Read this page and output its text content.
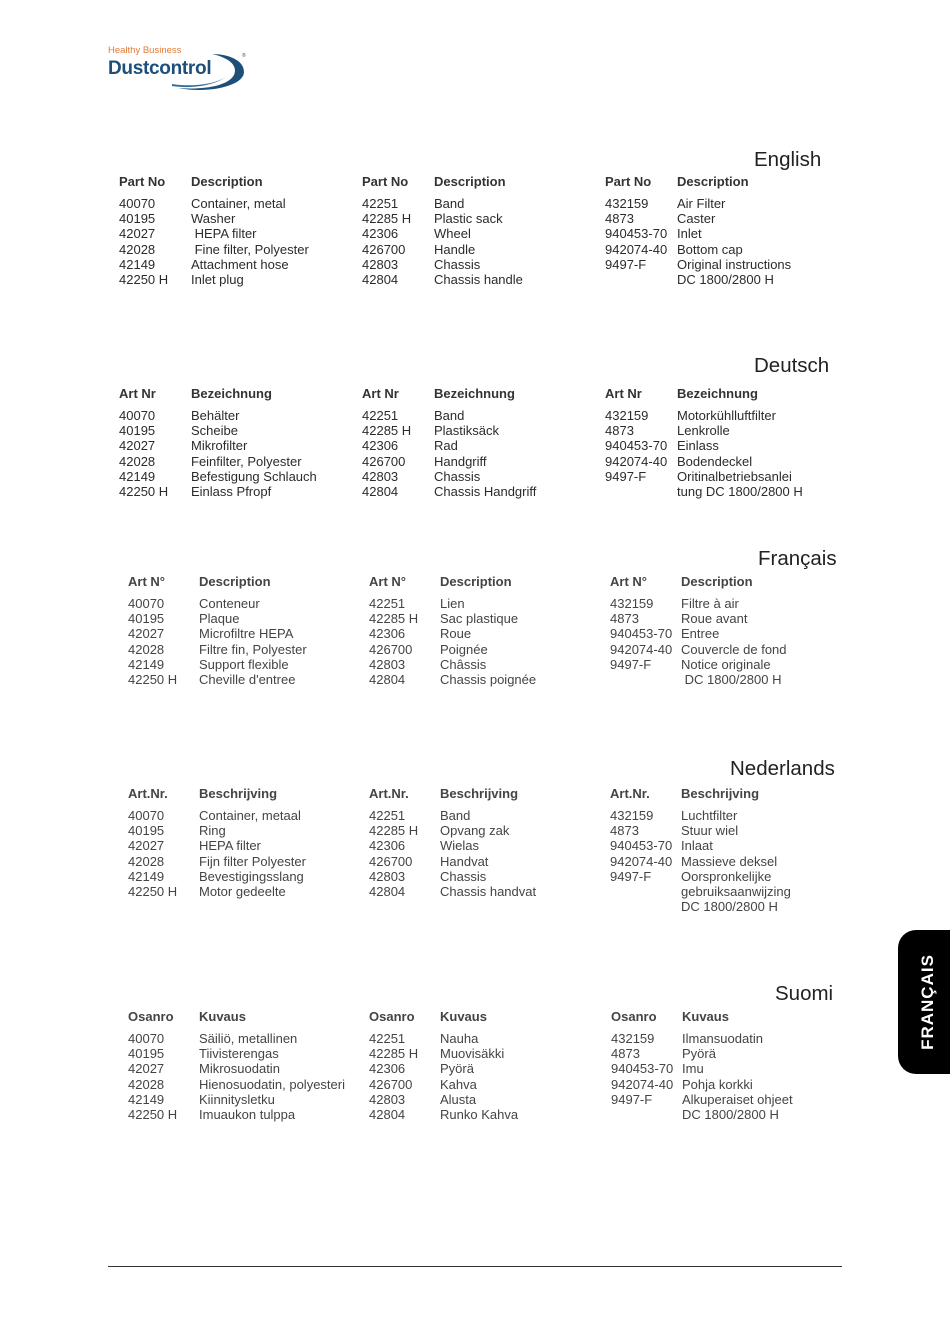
Healthy Business	®
Dustcontrol
English
Part No Description
40070	Container, metal
40195	Washer
42027	HEPA filter
42028	Fine filter, Polyester
42149	Attachment hose
42250 H Inlet plug
Part No Description
42251	Band
42285 H Plastic sack
42306	Wheel
426700 Handle
42803	Chassis
42804	Chassis handle
Part No Description
432159 Air Filter
4873	Caster
940453-70 Inlet
942074-40 Bottom cap
9497-F Original instructions
DC 1800/2800 H
Deutsch
Art Nr	Bezeichnung
40070	Behälter
40195	Scheibe
42027	Mikrofilter
42028	Feinfilter, Polyester
42149	Befestigung Schlauch
42250 H Einlass Pfropf
Art Nr	Bezeichnung
42251	Band
42285 H Plastiksäck
42306	Rad
426700 Handgriff
42803	Chassis
42804	Chassis Handgriff
Art Nr	Bezeichnung
432159 Motorkühlluftfilter
4873	Lenkrolle
940453-70 Einlass
942074-40 Bodendeckel
9497-F Oritinalbetriebsanlei
tung DC 1800/2800 H
Français
Art N°	Description
40070	Conteneur
40195	Plaque
42027	Microfiltre HEPA
42028	Filtre fin, Polyester
42149	Support flexible
42250 H Cheville d'entree
Art N°	Description
42251	Lien
42285 H Sac plastique
42306	Roue
426700 Poignée
42803	Châssis
42804	Chassis poignée
Art N°	Description
432159 Filtre à air
4873	Roue avant
940453-70 Entree
942074-40 Couvercle de fond
9497-F Notice originale
DC 1800/2800 H
Nederlands
Art.Nr. Beschrijving
40070	Container, metaal
40195	Ring
42027	HEPA filter
42028	Fijn filter Polyester
42149	Bevestigingsslang
42250 H Motor gedeelte
Art.Nr. Beschrijving
42251	Band
42285 H Opvang zak
42306	Wielas
426700 Handvat
42803	Chassis
42804	Chassis handvat
Art.Nr. Beschrijving
432159 Luchtfilter
4873	Stuur wiel
940453-70 Inlaat
942074-40 Massieve deksel
9497-F Oorspronkelijke
gebruiksaanwijzing
DC 1800/2800 H
Suomi
Osanro Kuvaus
40070	Säiliö, metallinen
40195	Tiivisterengas
42027	Mikrosuodatin
42028	Hienosuodatin, polyesteri
42149	Kiinnitysletku
42250 H Imuaukon tulppa
Osanro Kuvaus
42251	Nauha
42285 H Muovisäkki
42306	Pyörä
426700 Kahva
42803	Alusta
42804	Runko Kahva
Osanro Kuvaus
432159 Ilmansuodatin
4873	Pyörä
940453-70 Imu
942074-40 Pohja korkki
9497-F Alkuperaiset ohjeet
DC 1800/2800 H
FRANÇAIS
